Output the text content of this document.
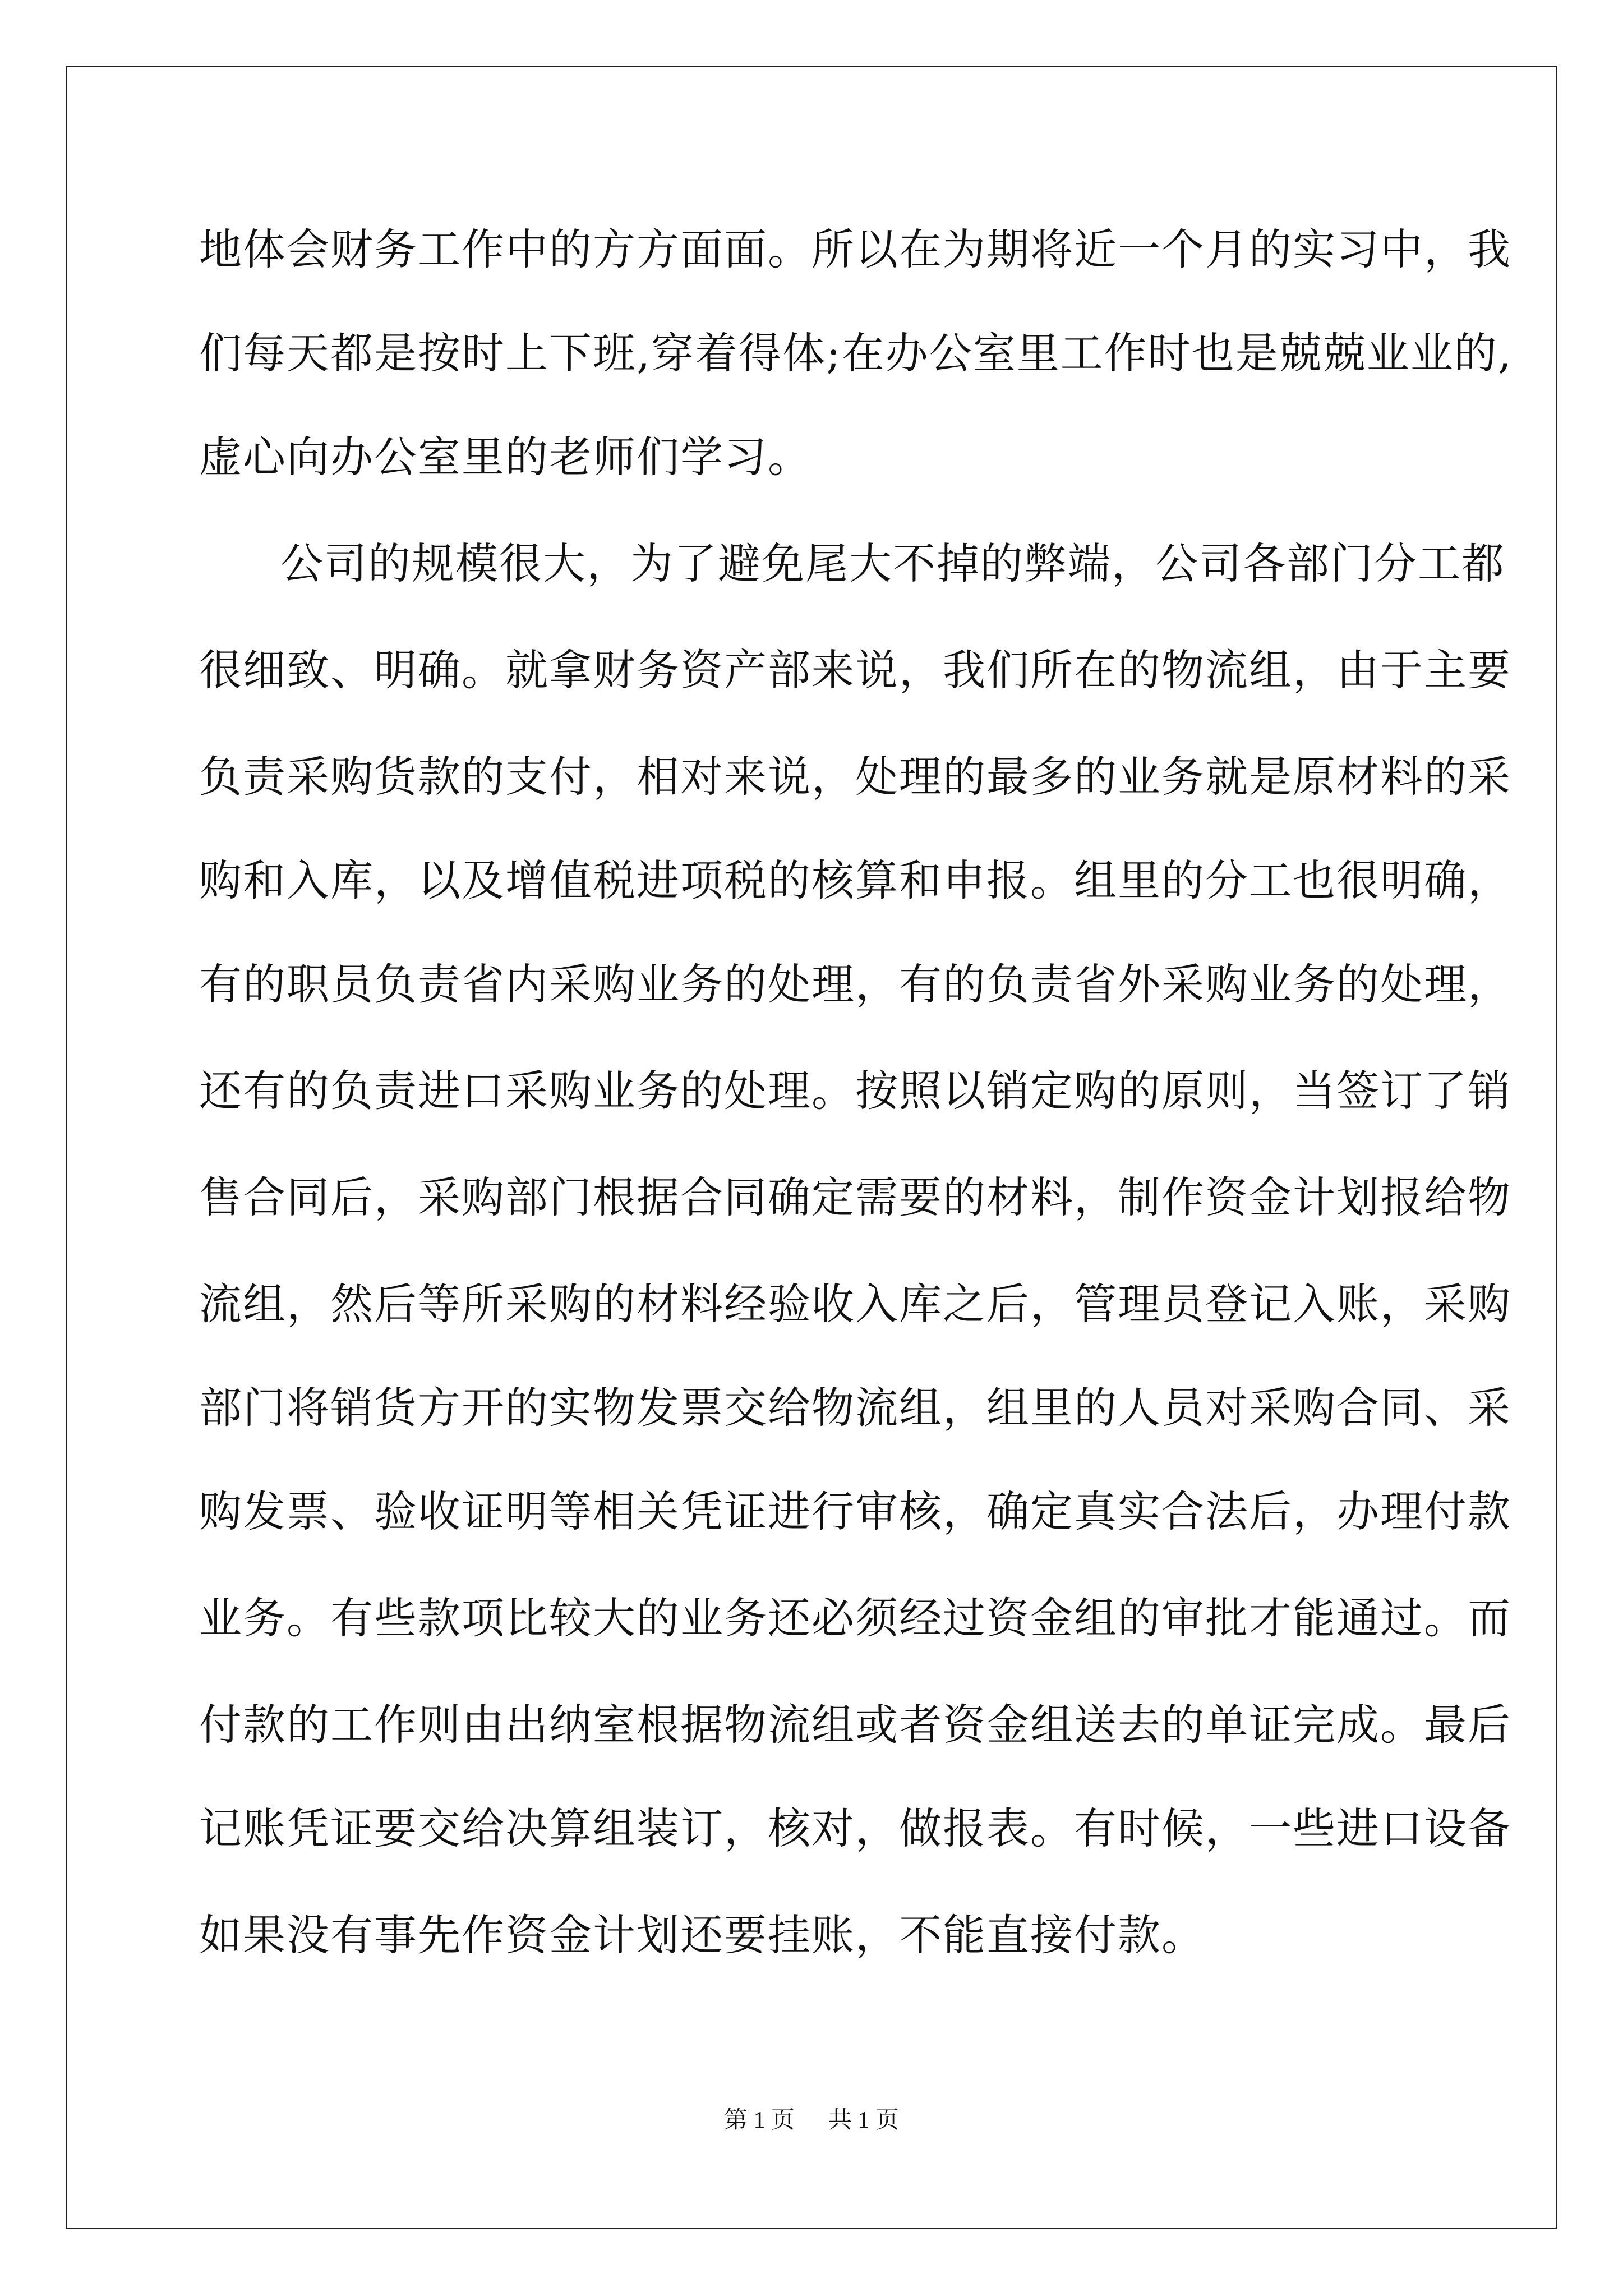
地体会财务工作中的方方面面。所以在为期将近一个月的实习中，我
们每天都是按时上下班,穿着得体;在办公室里工作时也是兢兢业业的,
虚心向办公室里的老师们学习。
公司的规模很大，为了避免尾大不掉的弊端，公司各部门分工都
很细致、明确。就拿财务资产部来说，我们所在的物流组，由于主要
负责采购货款的支付，相对来说，处理的最多的业务就是原材料的采
购和入库，以及增值税进项税的核算和申报。组里的分工也很明确，
有的职员负责省内采购业务的处理，有的负责省外采购业务的处理，
还有的负责进口采购业务的处理。按照以销定购的原则，当签订了销
售合同后，采购部门根据合同确定需要的材料，制作资金计划报给物
流组，然后等所采购的材料经验收入库之后，管理员登记入账，采购
部门将销货方开的实物发票交给物流组，组里的人员对采购合同、采
购发票、验收证明等相关凭证进行审核，确定真实合法后，办理付款
业务。有些款项比较大的业务还必须经过资金组的审批才能通过。而
付款的工作则由出纳室根据物流组或者资金组送去的单证完成。最后
记账凭证要交给决算组装订，核对，做报表。有时候，一些进口设备
如果没有事先作资金计划还要挂账，不能直接付款。
第 1 页 共 1 页
